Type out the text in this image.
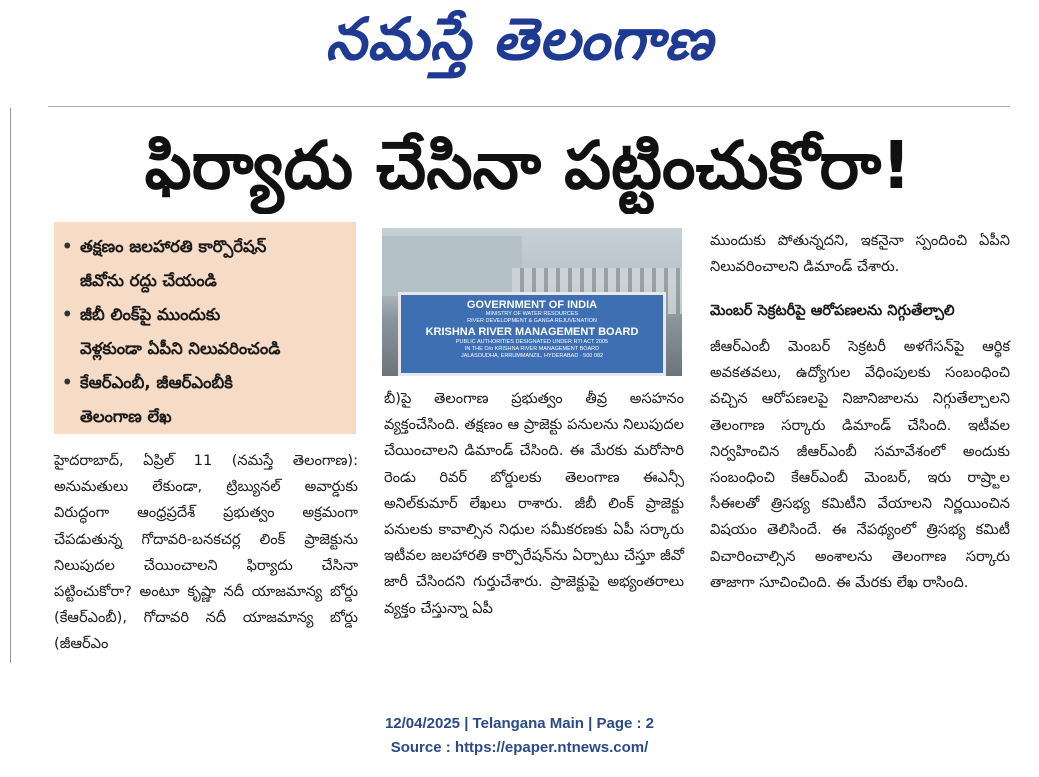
నమస్తే తెలంగాణ
ఫిర్యాదు చేసినా పట్టించుకోరా!
• తక్షణం జలహారతి కార్పొరేషన్
జీవోను రద్దు చేయండి
• జీబీ లింక్‌పై ముందుకు
వెళ్లకుండా ఏపీని నిలువరించండి
• కేఆర్‌ఎంబీ, జీఆర్‌ఎంబీకి
తెలంగాణ లేఖ
GOVERNMENT OF INDIA
MINISTRY OF WATER RESOURCES
RIVER DEVELOPMENT & GANGA REJUVENATION
KRISHNA RIVER MANAGEMENT BOARD
PUBLIC AUTHORITIES DESIGNATED UNDER RTI ACT 2005
IN THE O/o KRISHNA RIVER MANAGEMENT BOARD
JALASOUDHA, ERRUMMANZIL, HYDERABAD - 500 082
హైదరాబాద్, ఏప్రిల్ 11 (నమస్తే తెలంగాణ): అనుమతులు లేకుండా, ట్రిబ్యునల్ అవార్డుకు విరుద్ధంగా ఆంధ్రప్రదేశ్ ప్రభుత్వం అక్రమంగా చేపడుతున్న గోదావరి-బనకచర్ల లింక్ ప్రాజెక్టును నిలుపుదల చేయించాలని ఫిర్యాదు చేసినా పట్టించుకోరా? అంటూ కృష్ణా నదీ యాజమాన్య బోర్డు (కేఆర్‌ఎంబీ), గోదావరి నదీ యాజమాన్య బోర్డు (జీఆర్‌ఎం
బీ)పై తెలంగాణ ప్రభుత్వం తీవ్ర అసహనం వ్యక్తంచేసింది. తక్షణం ఆ ప్రాజెక్టు పనులను నిలుపుదల చేయించాలని డిమాండ్ చేసింది. ఈ మేరకు మరోసారి రెండు రివర్ బోర్డులకు తెలంగాణ ఈఎన్సీ అనిల్‌కుమార్ లేఖలు రాశారు. జీబీ లింక్ ప్రాజెక్టు పనులకు కావాల్సిన నిధుల సమీకరణకు ఏపీ సర్కారు ఇటీవల జలహారతి కార్పొరేషన్‌ను ఏర్పాటు చేస్తూ జీవో జారీ చేసిందని గుర్తుచేశారు. ప్రాజెక్టుపై అభ్యంతరాలు వ్యక్తం చేస్తున్నా ఏపీ
ముందుకు పోతున్నదని, ఇకనైనా స్పందించి ఏపీని నిలువరించాలని డిమాండ్ చేశారు.
మెంబర్ సెక్రటరీపై ఆరోపణలను నిగ్గుతేల్చాలి
జీఆర్‌ఎంబీ మెంబర్ సెక్రటరీ అళగేసన్‌పై ఆర్థిక అవకతవలు, ఉద్యోగుల వేధింపులకు సంబంధించి వచ్చిన ఆరోపణలపై నిజానిజాలను నిగ్గుతేల్చాలని తెలంగాణ సర్కారు డిమాండ్ చేసింది. ఇటీవల నిర్వహించిన జీఆర్‌ఎంబీ సమావేశంలో అందుకు సంబంధించి కేఆర్‌ఎంబీ మెంబర్, ఇరు రాష్ర్టాల సీఈలతో త్రిసభ్య కమిటీని వేయాలని నిర్ణయించిన విషయం తెలిసిందే. ఈ నేపథ్యంలో త్రిసభ్య కమిటీ విచారించాల్సిన అంశాలను తెలంగాణ సర్కారు తాజాగా సూచించింది. ఈ మేరకు లేఖ రాసింది.
12/04/2025 | Telangana Main | Page : 2
Source : https://epaper.ntnews.com/
